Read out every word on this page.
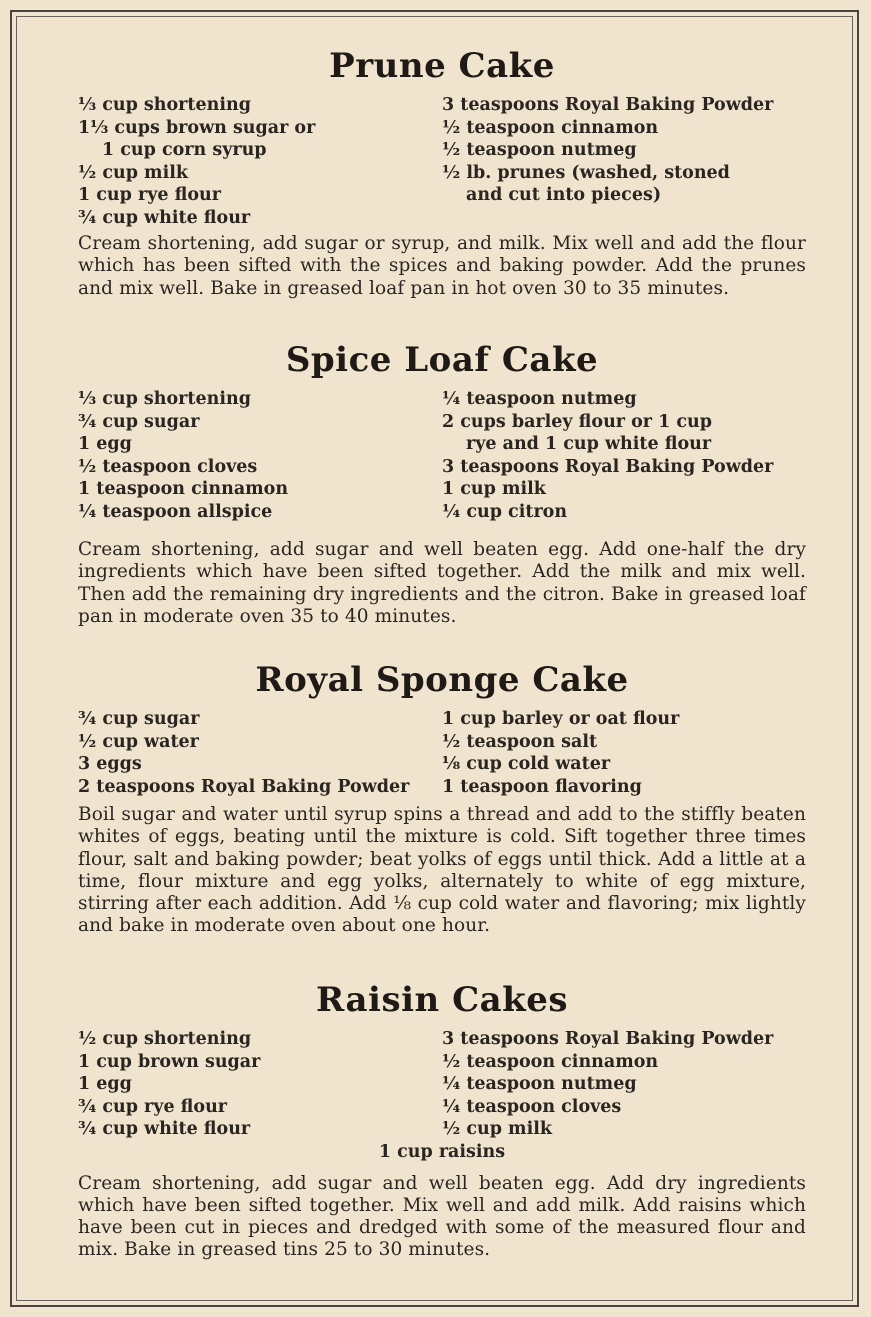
Prune Cake
⅓ cup shortening
1⅓ cups brown sugar or
1 cup corn syrup
½ cup milk
1 cup rye flour
¾ cup white flour
3 teaspoons Royal Baking Powder
½ teaspoon cinnamon
½ teaspoon nutmeg
½ lb. prunes (washed, stoned
and cut into pieces)

Cream shortening, add sugar or syrup, and milk. Mix well and add the flour which has been sifted with the spices and baking powder. Add the prunes and mix well. Bake in greased loaf pan in hot oven 30 to 35 minutes.

Spice Loaf Cake
⅓ cup shortening
¾ cup sugar
1 egg
½ teaspoon cloves
1 teaspoon cinnamon
¼ teaspoon allspice
¼ teaspoon nutmeg
2 cups barley flour or 1 cup
rye and 1 cup white flour
3 teaspoons Royal Baking Powder
1 cup milk
¼ cup citron

Cream shortening, add sugar and well beaten egg. Add one-half the dry ingredients which have been sifted together. Add the milk and mix well. Then add the remaining dry ingredients and the citron. Bake in greased loaf pan in moderate oven 35 to 40 minutes.

Royal Sponge Cake
¾ cup sugar
½ cup water
3 eggs
2 teaspoons Royal Baking Powder
1 cup barley or oat flour
½ teaspoon salt
⅛ cup cold water
1 teaspoon flavoring

Boil sugar and water until syrup spins a thread and add to the stiffly beaten whites of eggs, beating until the mixture is cold. Sift together three times flour, salt and baking powder; beat yolks of eggs until thick. Add a little at a time, flour mixture and egg yolks, alternately to white of egg mixture, stirring after each addition. Add ⅛ cup cold water and flavoring; mix lightly and bake in moderate oven about one hour.

Raisin Cakes
½ cup shortening
1 cup brown sugar
1 egg
¾ cup rye flour
¾ cup white flour
3 teaspoons Royal Baking Powder
½ teaspoon cinnamon
¼ teaspoon nutmeg
¼ teaspoon cloves
½ cup milk
1 cup raisins

Cream shortening, add sugar and well beaten egg. Add dry ingredients which have been sifted together. Mix well and add milk. Add raisins which have been cut in pieces and dredged with some of the measured flour and mix. Bake in greased tins 25 to 30 minutes.
